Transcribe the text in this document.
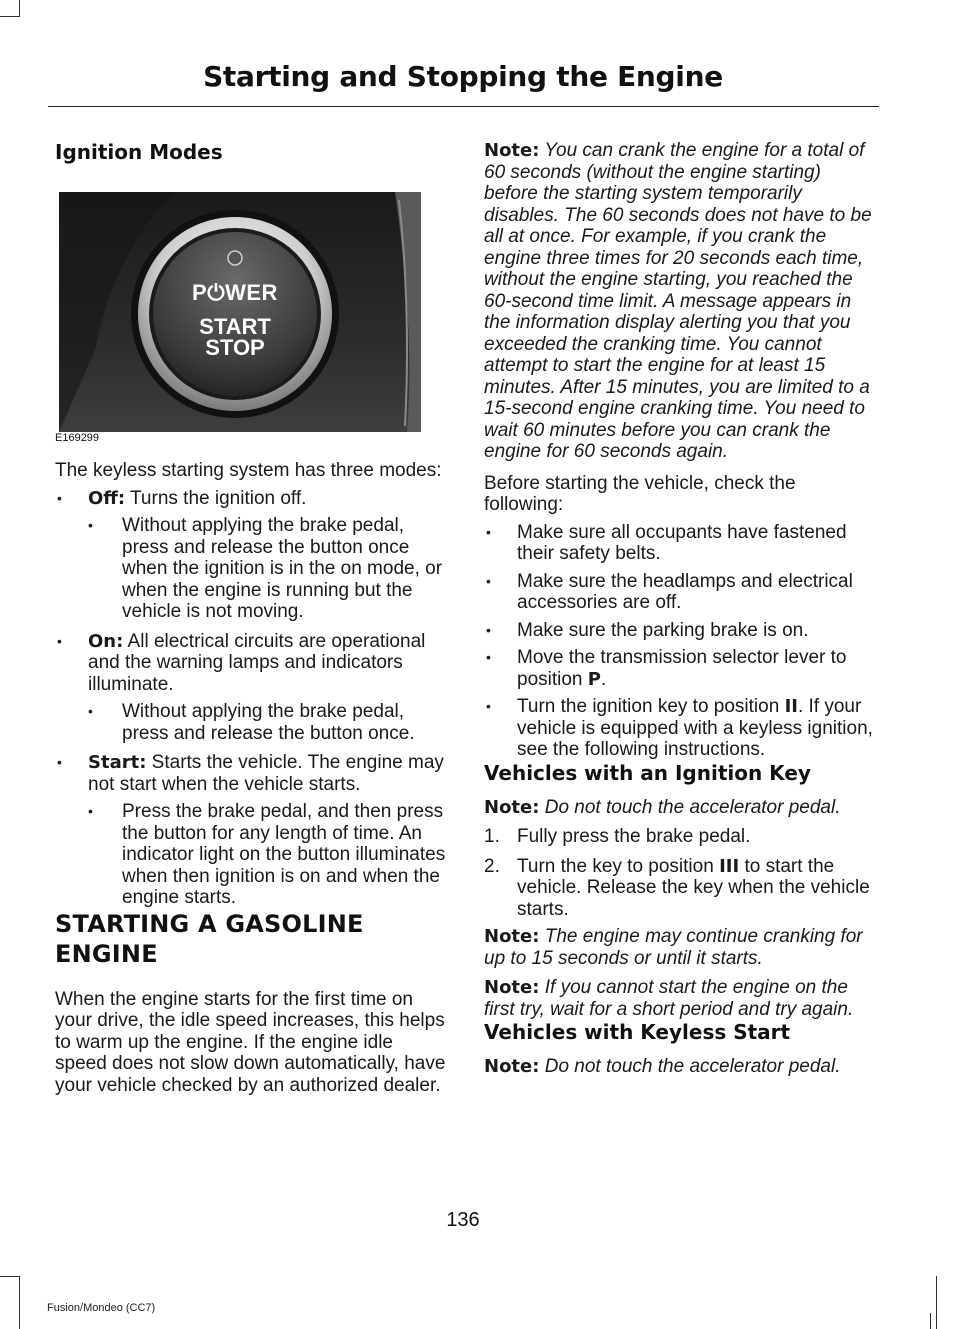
Starting and Stopping the Engine
Ignition Modes
P⏻WER
START
STOP
E169299

The keyless starting system has three modes:

• Off: Turns the ignition off.
• Without applying the brake pedal, press and release the button once when the ignition is in the on mode, or when the engine is running but the vehicle is not moving.
• On: All electrical circuits are operational and the warning lamps and indicators illuminate.
• Without applying the brake pedal, press and release the button once.
• Start: Starts the vehicle. The engine may not start when the vehicle starts.
• Press the brake pedal, and then press the button for any length of time. An indicator light on the button illuminates when then ignition is on and when the engine starts.
STARTING A GASOLINE ENGINE

When the engine starts for the first time on your drive, the idle speed increases, this helps to warm up the engine. If the engine idle speed does not slow down automatically, have your vehicle checked by an authorized dealer.

Note: You can crank the engine for a total of 60 seconds (without the engine starting) before the starting system temporarily disables. The 60 seconds does not have to be all at once. For example, if you crank the engine three times for 20 seconds each time, without the engine starting, you reached the 60-second time limit. A message appears in the information display alerting you that you exceeded the cranking time. You cannot attempt to start the engine for at least 15 minutes. After 15 minutes, you are limited to a 15-second engine cranking time. You need to wait 60 minutes before you can crank the engine for 60 seconds again.

Before starting the vehicle, check the following:

• Make sure all occupants have fastened their safety belts.
• Make sure the headlamps and electrical accessories are off.
• Make sure the parking brake is on.
• Move the transmission selector lever to position P.
• Turn the ignition key to position II. If your vehicle is equipped with a keyless ignition, see the following instructions.
Vehicles with an Ignition Key

Note: Do not touch the accelerator pedal.

1. Fully press the brake pedal.
2. Turn the key to position III to start the vehicle. Release the key when the vehicle starts.

Note: The engine may continue cranking for up to 15 seconds or until it starts.

Note: If you cannot start the engine on the first try, wait for a short period and try again.

Vehicles with Keyless Start

Note: Do not touch the accelerator pedal.

136
Fusion/Mondeo (CC7)
